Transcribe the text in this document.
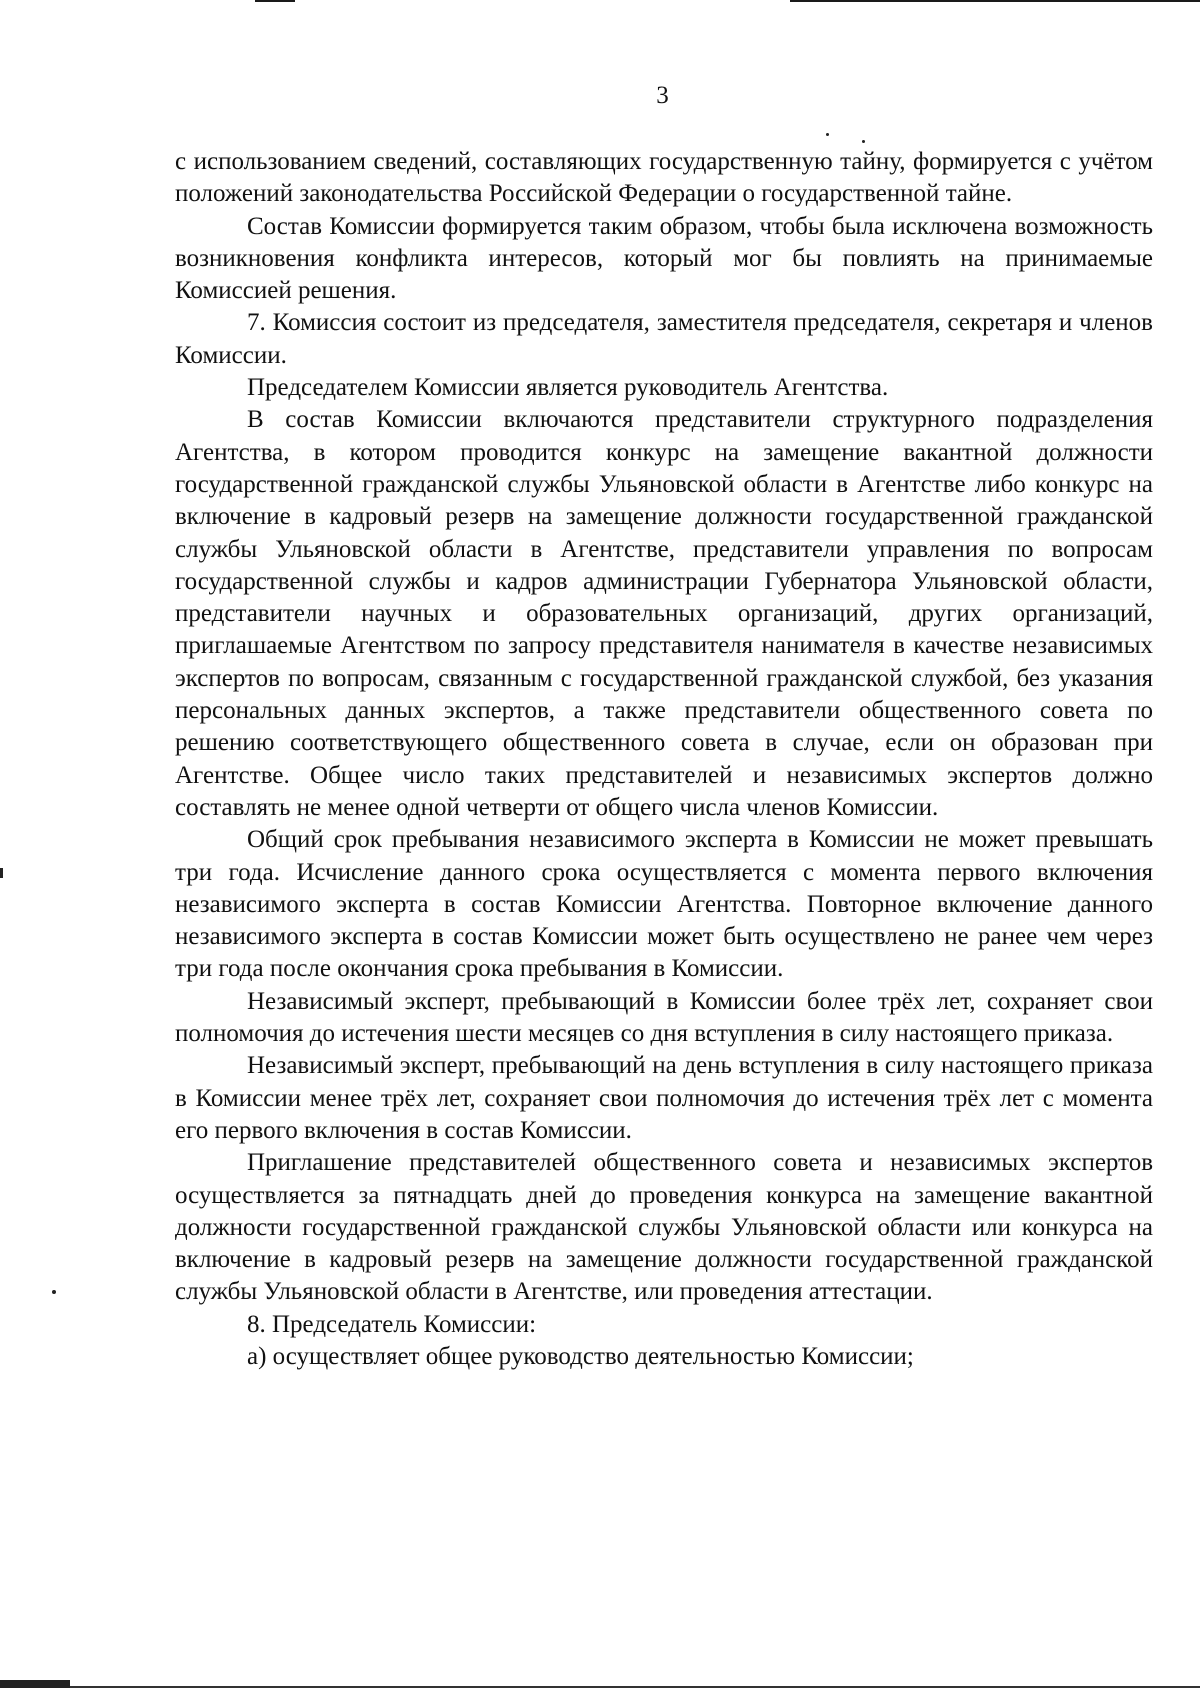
3

с использованием сведений, составляющих государственную тайну, формируется с учётом положений законодательства Российской Федерации о государственной тайне.

Состав Комиссии формируется таким образом, чтобы была исключена возможность возникновения конфликта интересов, который мог бы повлиять на принимаемые Комиссией решения.

7. Комиссия состоит из председателя, заместителя председателя, секретаря и членов Комиссии.

Председателем Комиссии является руководитель Агентства.

В состав Комиссии включаются представители структурного подразделения Агентства, в котором проводится конкурс на замещение вакантной должности государственной гражданской службы Ульяновской области в Агентстве либо конкурс на включение в кадровый резерв на замещение должности государственной гражданской службы Ульяновской области в Агентстве, представители управления по вопросам государственной службы и кадров администрации Губернатора Ульяновской области, представители научных и образовательных организаций, других организаций, приглашаемые Агентством по запросу представителя нанимателя в качестве независимых экспертов по вопросам, связанным с государственной гражданской службой, без указания персональных данных экспертов, а также представители общественного совета по решению соответствующего общественного совета в случае, если он образован при Агентстве. Общее число таких представителей и независимых экспертов должно составлять не менее одной четверти от общего числа членов Комиссии.

Общий срок пребывания независимого эксперта в Комиссии не может превышать три года. Исчисление данного срока осуществляется с момента первого включения независимого эксперта в состав Комиссии Агентства. Повторное включение данного независимого эксперта в состав Комиссии может быть осуществлено не ранее чем через три года после окончания срока пребывания в Комиссии.

Независимый эксперт, пребывающий в Комиссии более трёх лет, сохраняет свои полномочия до истечения шести месяцев со дня вступления в силу настоящего приказа.

Независимый эксперт, пребывающий на день вступления в силу настоящего приказа в Комиссии менее трёх лет, сохраняет свои полномочия до истечения трёх лет с момента его первого включения в состав Комиссии.

Приглашение представителей общественного совета и независимых экспертов осуществляется за пятнадцать дней до проведения конкурса на замещение вакантной должности государственной гражданской службы Ульяновской области или конкурса на включение в кадровый резерв на замещение должности государственной гражданской службы Ульяновской области в Агентстве, или проведения аттестации.

8. Председатель Комиссии:

а) осуществляет общее руководство деятельностью Комиссии;
